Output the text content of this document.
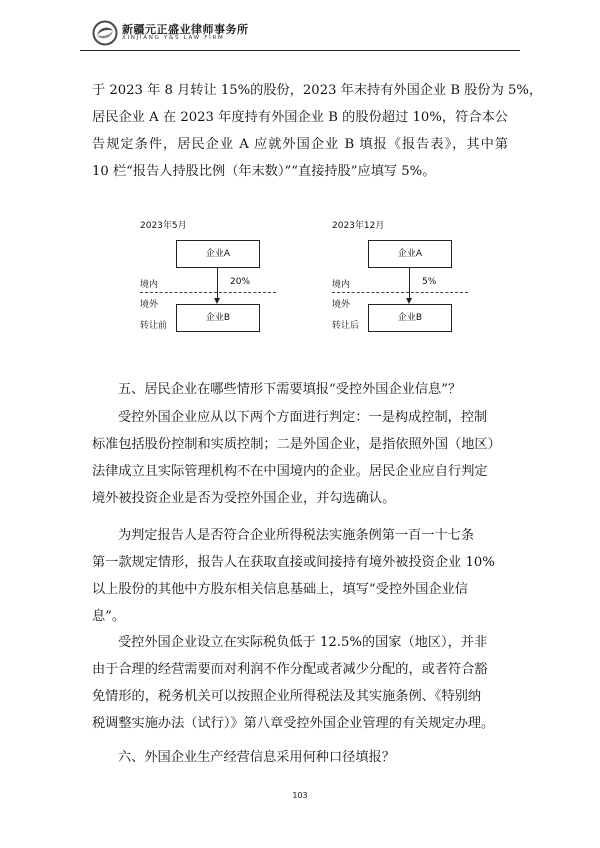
新疆元正盛业律师事务所
XINJIANG Y&S LAW FIRM
于 2023 年 8 月转让 15%的股份，2023 年末持有外国企业 B 股份为 5%，
居民企业 A 在 2023 年度持有外国企业 B 的股份超过 10%，符合本公
告规定条件，居民企业 A 应就外国企业 B 填报《报告表》，其中第
10 栏“报告人持股比例（年末数）”“直接持股”应填写 5%。
2023年5月
企业A
境内	20%
境外
企业B
转让前
2023年12月
企业A
境内	5%
境外
企业B
转让后
五、居民企业在哪些情形下需要填报“受控外国企业信息”？
受控外国企业应从以下两个方面进行判定：一是构成控制，控制
标准包括股份控制和实质控制；二是外国企业，是指依照外国（地区）
法律成立且实际管理机构不在中国境内的企业。居民企业应自行判定
境外被投资企业是否为受控外国企业，并勾选确认。
为判定报告人是否符合企业所得税法实施条例第一百一十七条
第一款规定情形，报告人在获取直接或间接持有境外被投资企业 10%
以上股份的其他中方股东相关信息基础上，填写“受控外国企业信
息”。
受控外国企业设立在实际税负低于 12.5%的国家（地区），并非
由于合理的经营需要而对利润不作分配或者减少分配的，或者符合豁
免情形的，税务机关可以按照企业所得税法及其实施条例、《特别纳
税调整实施办法（试行）》第八章受控外国企业管理的有关规定办理。
六、外国企业生产经营信息采用何种口径填报？
103
